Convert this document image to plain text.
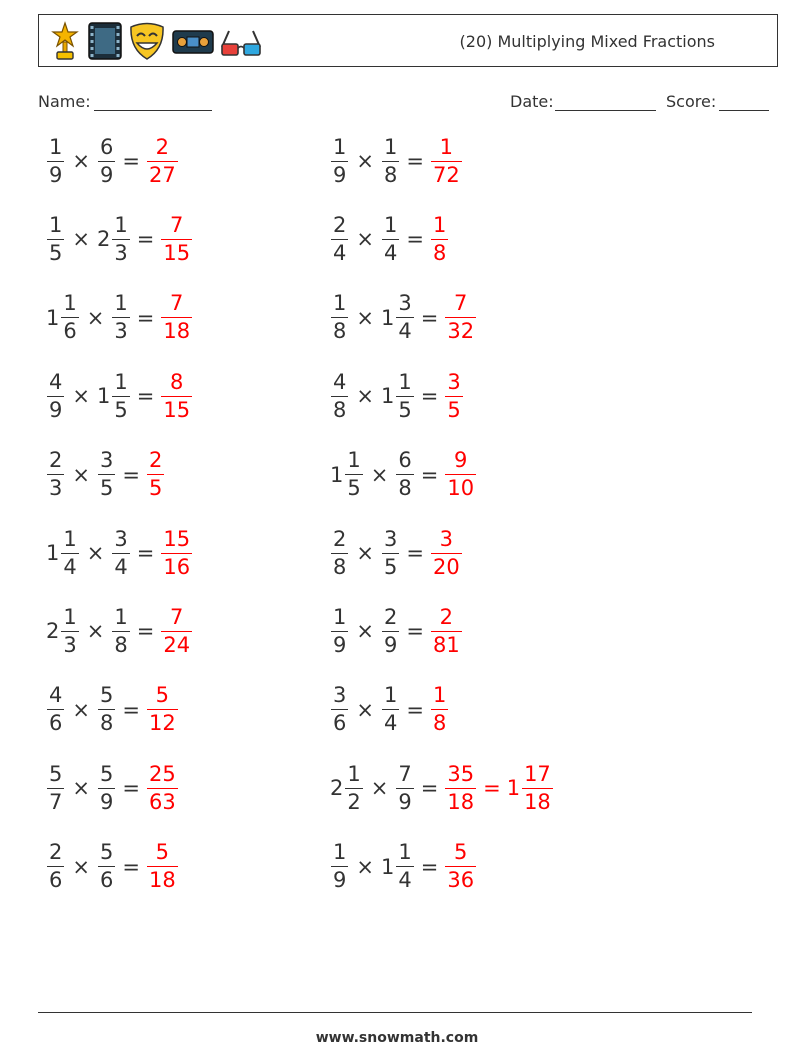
(20) Multiplying Mixed Fractions
Name:	Date:	Score:
$\frac{1}{9} \times \frac{6}{9} = \frac{2}{27}$	$\frac{1}{9} \times \frac{1}{8} = \frac{1}{72}$
$\frac{1}{5} \times 2 \frac{1}{3} = \frac{7}{15}$	$\frac{2}{4} \times \frac{1}{4} = \frac{1}{8}$
$1 \frac{1}{6} \times \frac{1}{3} = \frac{7}{18}$	$\frac{1}{8} \times 1 \frac{3}{4} = \frac{7}{32}$
$\frac{4}{9} \times 1 \frac{1}{5} = \frac{8}{15}$	$\frac{4}{8} \times 1 \frac{1}{5} = \frac{3}{5}$
$\frac{2}{3} \times \frac{3}{5} = \frac{2}{5}$	$1 \frac{1}{5} \times \frac{6}{8} = \frac{9}{10}$
$1 \frac{1}{4} \times \frac{3}{4} = \frac{15}{16}$	$\frac{2}{8} \times \frac{3}{5} = \frac{3}{20}$
$2 \frac{1}{3} \times \frac{1}{8} = \frac{7}{24}$	$\frac{1}{9} \times \frac{2}{9} = \frac{2}{81}$
$\frac{4}{6} \times \frac{5}{8} = \frac{5}{12}$	$\frac{3}{6} \times \frac{1}{4} = \frac{1}{8}$
$\frac{5}{7} \times \frac{5}{9} = \frac{25}{63}$	$2 \frac{1}{2} \times \frac{7}{9} = \frac{35}{18} = 1 \frac{17}{18}$
$\frac{2}{6} \times \frac{5}{6} = \frac{5}{18}$	$\frac{1}{9} \times 1 \frac{1}{4} = \frac{5}{36}$
www.snowmath.com
